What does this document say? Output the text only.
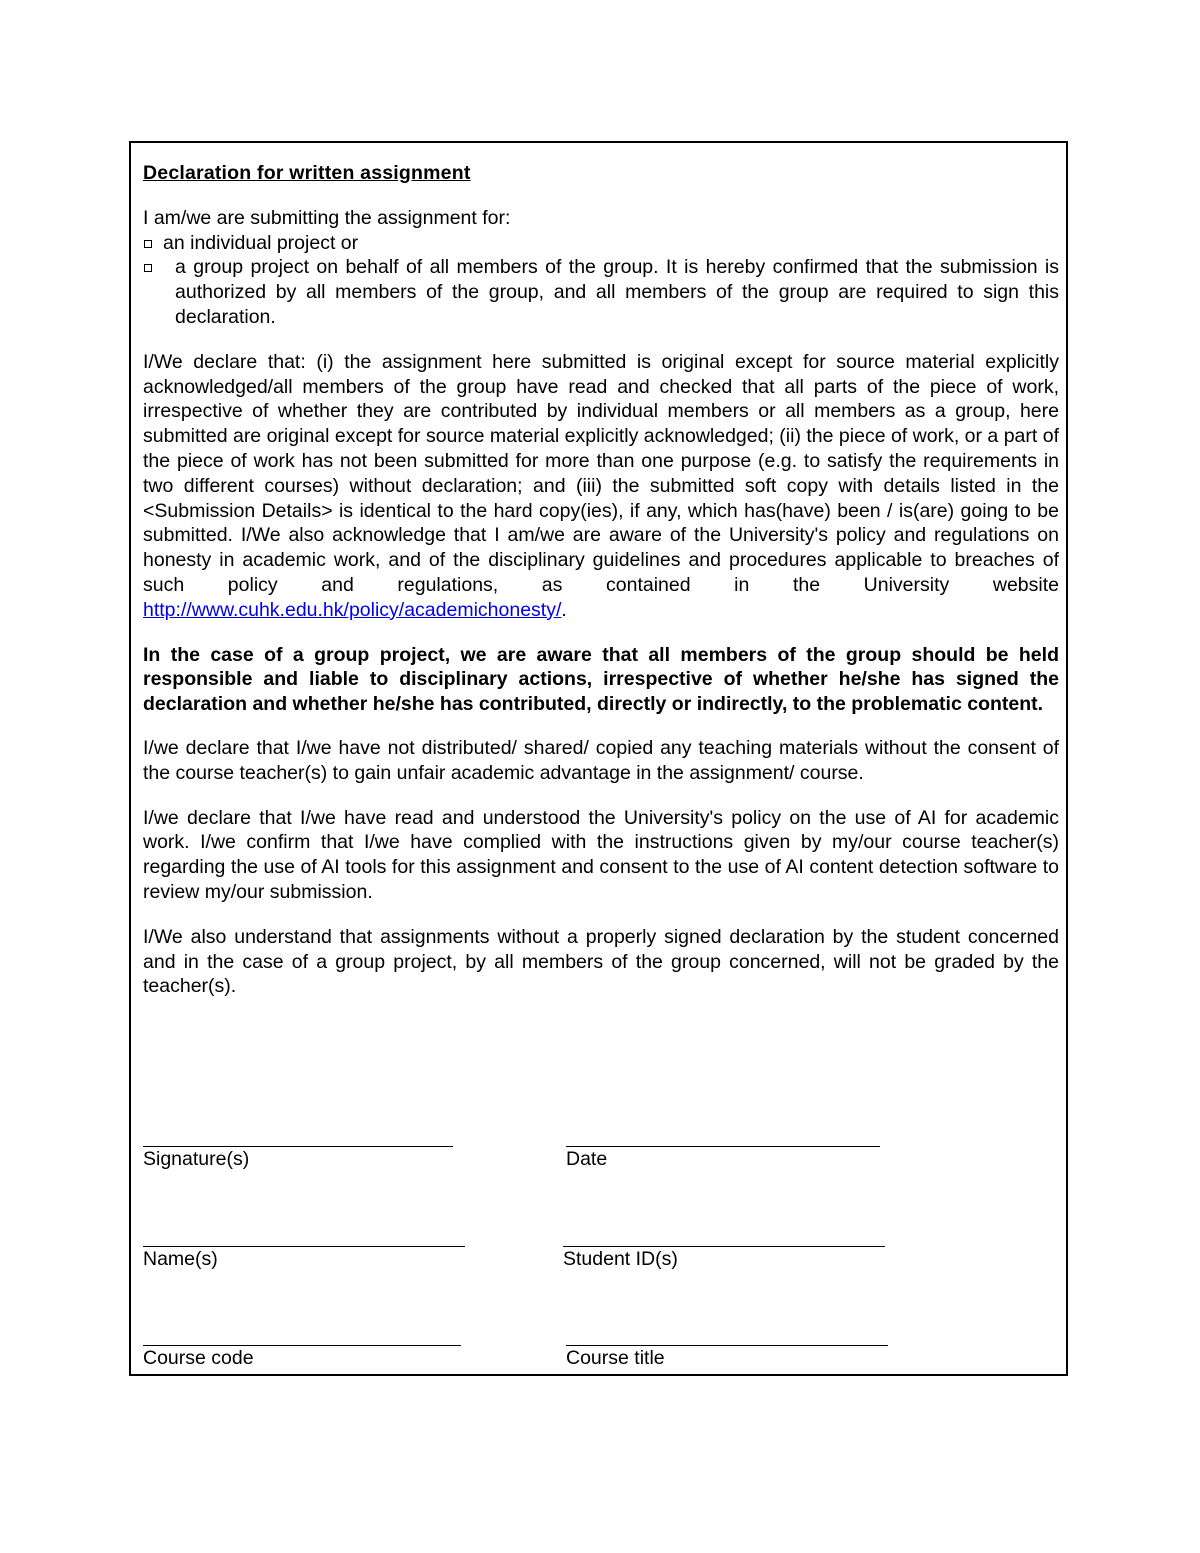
Declaration for written assignment
I am/we are submitting the assignment for:
an individual project or
a group project on behalf of all members of the group. It is hereby confirmed that the submission is authorized by all members of the group, and all members of the group are required to sign this declaration.
I/We declare that: (i) the assignment here submitted is original except for source material explicitly acknowledged/all members of the group have read and checked that all parts of the piece of work, irrespective of whether they are contributed by individual members or all members as a group, here submitted are original except for source material explicitly acknowledged; (ii) the piece of work, or a part of the piece of work has not been submitted for more than one purpose (e.g. to satisfy the requirements in two different courses) without declaration; and (iii) the submitted soft copy with details listed in the <Submission Details> is identical to the hard copy(ies), if any, which has(have) been / is(are) going to be submitted. I/We also acknowledge that I am/we are aware of the University's policy and regulations on honesty in academic work, and of the disciplinary guidelines and procedures applicable to breaches of such policy and regulations, as contained in the University website http://www.cuhk.edu.hk/policy/academichonesty/.
In the case of a group project, we are aware that all members of the group should be held responsible and liable to disciplinary actions, irrespective of whether he/she has signed the declaration and whether he/she has contributed, directly or indirectly, to the problematic content.
I/we declare that I/we have not distributed/ shared/ copied any teaching materials without the consent of the course teacher(s) to gain unfair academic advantage in the assignment/ course.
I/we declare that I/we have read and understood the University's policy on the use of AI for academic work. I/we confirm that I/we have complied with the instructions given by my/our course teacher(s) regarding the use of AI tools for this assignment and consent to the use of AI content detection software to review my/our submission.
I/We also understand that assignments without a properly signed declaration by the student concerned and in the case of a group project, by all members of the group concerned, will not be graded by the teacher(s).
Signature(s)	Date
Name(s)	Student ID(s)
Course code	Course title
